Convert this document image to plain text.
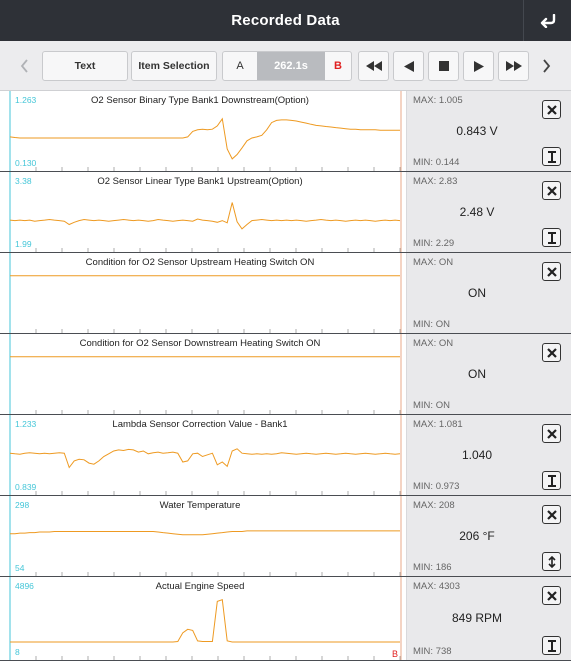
Recorded Data
Text	Item Selection	A	262.1s	B
O2 Sensor Binary Type Bank1 Downstream(Option)
1.263
0.130
MAX: 1.005
0.843 V
MIN: 0.144
O2 Sensor Linear Type Bank1 Upstream(Option)
3.38
1.99
MAX: 2.83
2.48 V
MIN: 2.29
Condition for O2 Sensor Upstream Heating Switch ON	MAX: ON
ON
MIN: ON
Condition for O2 Sensor Downstream Heating Switch ON	MAX: ON
ON
MIN: ON
Lambda Sensor Correction Value - Bank1
1.233
0.839
MAX: 1.081
1.040
MIN: 0.973
Water Temperature
298
54
MAX: 208
206 °F
MIN: 186
Actual Engine Speed
4896
8	B
MAX: 4303
849 RPM
MIN: 738
